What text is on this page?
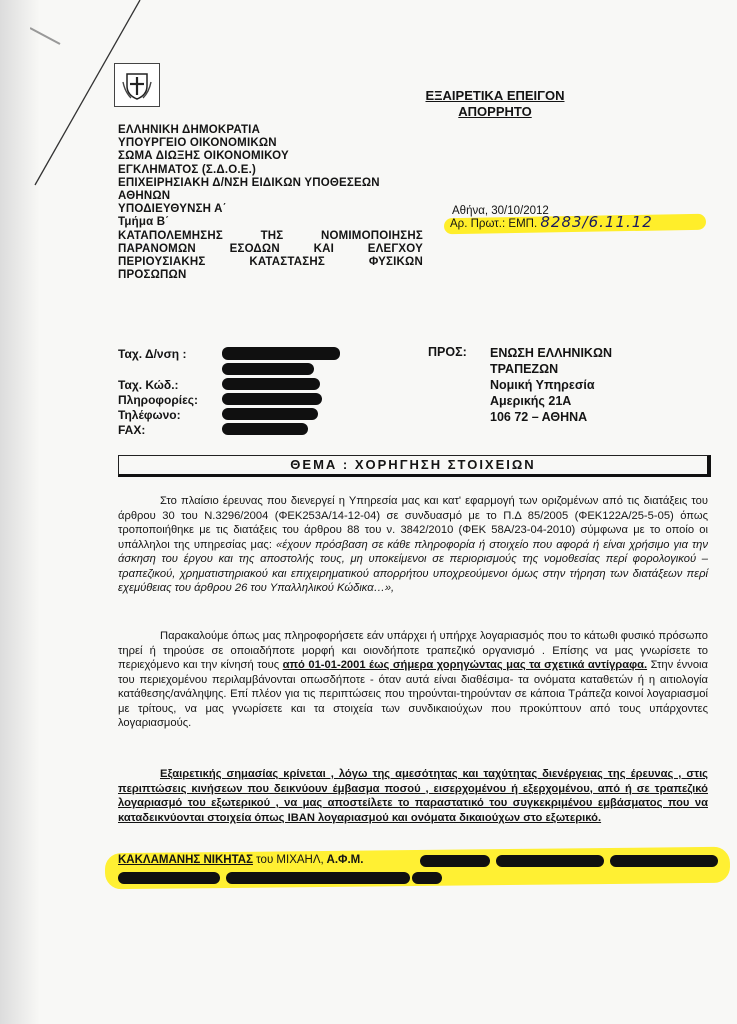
ΕΞΑΙΡΕΤΙΚΑ ΕΠΕΙΓΟΝ
ΑΠΟΡΡΗΤΟ
ΕΛΛΗΝΙΚΗ ΔΗΜΟΚΡΑΤΙΑ
ΥΠΟΥΡΓΕΙΟ ΟΙΚΟΝΟΜΙΚΩΝ
ΣΩΜΑ ΔΙΩΞΗΣ ΟΙΚΟΝΟΜΙΚΟΥ
ΕΓΚΛΗΜΑΤΟΣ (Σ.Δ.Ο.Ε.)
ΕΠΙΧΕΙΡΗΣΙΑΚΗ Δ/ΝΣΗ ΕΙΔΙΚΩΝ ΥΠΟΘΕΣΕΩΝ
ΑΘΗΝΩΝ
ΥΠΟΔΙΕΥΘΥΝΣΗ Α΄
Τμήμα Β΄
ΚΑΤΑΠΟΛΕΜΗΣΗΣ	ΤΗΣ	ΝΟΜΙΜΟΠΟΙΗΣΗΣ
ΠΑΡΑΝΟΜΩΝ	ΕΣΟΔΩΝ	ΚΑΙ	ΕΛΕΓΧΟΥ
ΠΕΡΙΟΥΣΙΑΚΗΣ	ΚΑΤΑΣΤΑΣΗΣ	ΦΥΣΙΚΩΝ
ΠΡΟΣΩΠΩΝ
Αθήνα, 30/10/2012
Αρ. Πρωτ.: ΕΜΠ. 8283/6.11.12
Ταχ. Δ/νση :
Ταχ. Κώδ.:
Πληροφορίες:
Τηλέφωνο:
FAX:
ΠΡΟΣ: ΕΝΩΣΗ ΕΛΛΗΝΙΚΩΝ
ΤΡΑΠΕΖΩΝ
Νομική Υπηρεσία
Αμερικής 21Α
106 72 – ΑΘΗΝΑ
ΘΕΜΑ : ΧΟΡΗΓΗΣΗ ΣΤΟΙΧΕΙΩΝ
Στο πλαίσιο έρευνας που διενεργεί η Υπηρεσία μας και κατ' εφαρμογή των οριζομένων από τις διατάξεις του άρθρου 30 του Ν.3296/2004 (ΦΕΚ253Α/14-12-04) σε συνδυασμό με το Π.Δ 85/2005 (ΦΕΚ122Α/25-5-05) όπως τροποποιήθηκε με τις διατάξεις του άρθρου 88 του ν. 3842/2010 (ΦΕΚ 58Α/23-04-2010) σύμφωνα με το οποίο οι υπάλληλοι της υπηρεσίας μας: «έχουν πρόσβαση σε κάθε πληροφορία ή στοιχείο που αφορά ή είναι χρήσιμο για την άσκηση του έργου και της αποστολής τους, μη υποκείμενοι σε περιορισμούς της νομοθεσίας περί φορολογικού – τραπεζικού, χρηματιστηριακού και επιχειρηματικού απορρήτου υποχρεούμενοι όμως στην τήρηση των διατάξεων περί εχεμύθειας του άρθρου 26 του Υπαλληλικού Κώδικα…»,
Παρακαλούμε όπως μας πληροφορήσετε εάν υπάρχει ή υπήρχε λογαριασμός που το κάτωθι φυσικό πρόσωπο τηρεί ή τηρούσε σε οποιαδήποτε μορφή και οιονδήποτε τραπεζικό οργανισμό . Επίσης να μας γνωρίσετε το περιεχόμενο και την κίνησή τους από 01-01-2001 έως σήμερα χορηγώντας μας τα σχετικά αντίγραφα. Στην έννοια του περιεχομένου περιλαμβάνονται οπωσδήποτε - όταν αυτά είναι διαθέσιμα- τα ονόματα καταθετών ή η αιτιολογία κατάθεσης/ανάληψης. Επί πλέον για τις περιπτώσεις που τηρούνται-τηρούνταν σε κάποια Τράπεζα κοινοί λογαριασμοί με τρίτους, να μας γνωρίσετε και τα στοιχεία των συνδικαιούχων που προκύπτουν από τους υπάρχοντες λογαριασμούς.
Εξαιρετικής σημασίας κρίνεται , λόγω της αμεσότητας και ταχύτητας διενέργειας της έρευνας , στις περιπτώσεις κινήσεων που δεικνύουν έμβασμα ποσού , εισερχομένου ή εξερχομένου, από ή σε τραπεζικό λογαριασμό του εξωτερικού , να μας αποστείλετε το παραστατικό του συγκεκριμένου εμβάσματος που να καταδεικνύονται στοιχεία όπως IBAN λογαριασμού και ονόματα δικαιούχων στο εξωτερικό.
ΚΑΚΛΑΜΑΝΗΣ ΝΙΚΗΤΑΣ του ΜΙΧΑΗΛ, Α.Φ.Μ.
